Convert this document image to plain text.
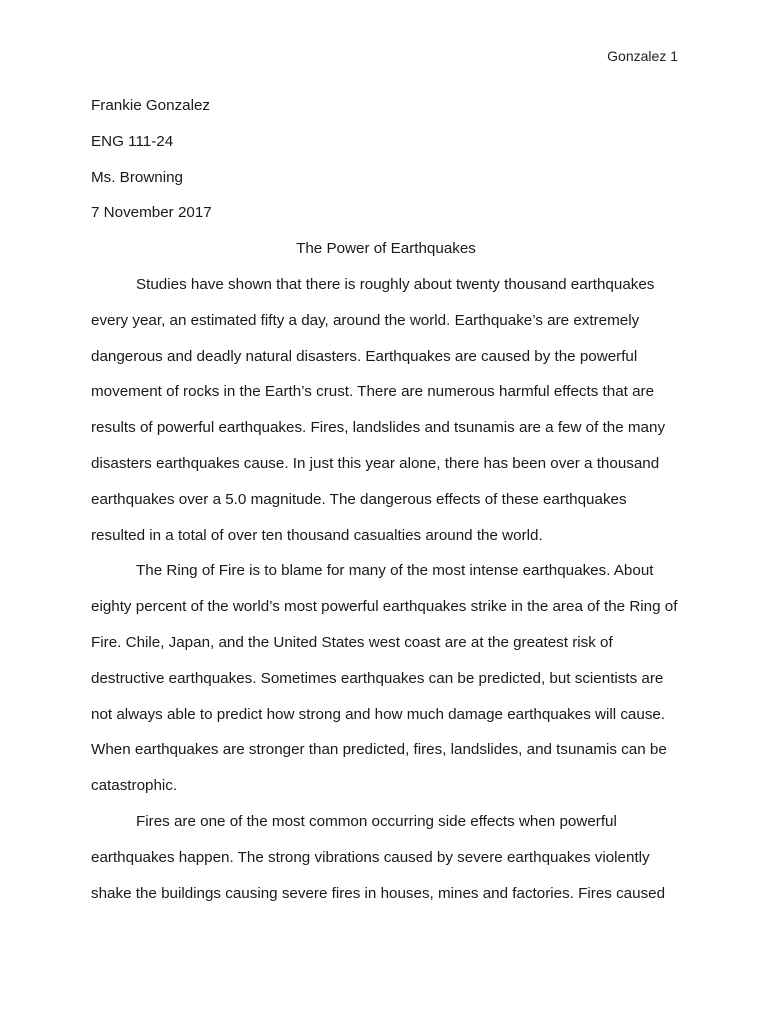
Gonzalez 1
Frankie Gonzalez
ENG 111-24
Ms. Browning
7 November 2017
The Power of Earthquakes
Studies have shown that there is roughly about twenty thousand earthquakes
every year, an estimated fifty a day, around the world. Earthquake’s are extremely
dangerous and deadly natural disasters. Earthquakes are caused by the powerful
movement of rocks in the Earth’s crust. There are numerous harmful effects that are
results of powerful earthquakes. Fires, landslides and tsunamis are a few of the many
disasters earthquakes cause. In just this year alone, there has been over a thousand
earthquakes over a 5.0 magnitude. The dangerous effects of these earthquakes
resulted in a total of over ten thousand casualties around the world.
The Ring of Fire is to blame for many of the most intense earthquakes. About
eighty percent of the world’s most powerful earthquakes strike in the area of the Ring of
Fire. Chile, Japan, and the United States west coast are at the greatest risk of
destructive earthquakes. Sometimes earthquakes can be predicted, but scientists are
not always able to predict how strong and how much damage earthquakes will cause.
When earthquakes are stronger than predicted, fires, landslides, and tsunamis can be
catastrophic.
Fires are one of the most common occurring side effects when powerful
earthquakes happen. The strong vibrations caused by severe earthquakes violently
shake the buildings causing severe fires in houses, mines and factories. Fires caused
